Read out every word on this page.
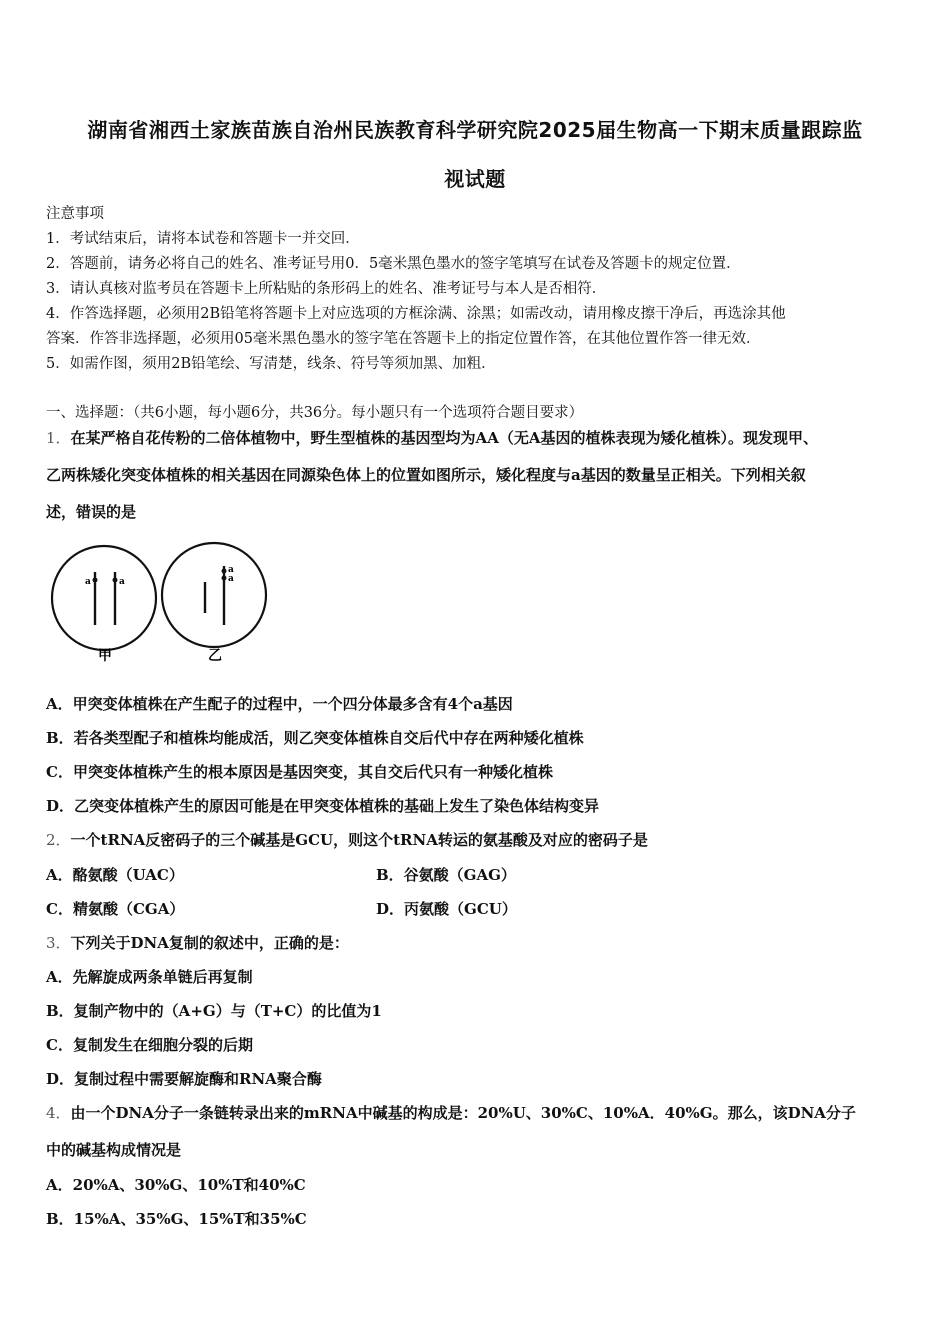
湖南省湘西土家族苗族自治州民族教育科学研究院2025届生物高一下期末质量跟踪监
视试题
注意事项
1．考试结束后，请将本试卷和答题卡一并交回．
2．答题前，请务必将自己的姓名、准考证号用0．5毫米黑色墨水的签字笔填写在试卷及答题卡的规定位置．
3．请认真核对监考员在答题卡上所粘贴的条形码上的姓名、准考证号与本人是否相符．
4．作答选择题，必须用2B铅笔将答题卡上对应选项的方框涂满、涂黑；如需改动，请用橡皮擦干净后，再选涂其他
答案．作答非选择题，必须用05毫米黑色墨水的签字笔在答题卡上的指定位置作答，在其他位置作答一律无效．
5．如需作图，须用2B铅笔绘、写清楚，线条、符号等须加黑、加粗．
一、选择题：（共6小题，每小题6分，共36分。每小题只有一个选项符合题目要求）
1．在某严格自花传粉的二倍体植物中，野生型植株的基因型均为AA（无A基因的植株表现为矮化植株）。现发现甲、
乙两株矮化突变体植株的相关基因在同源染色体上的位置如图所示，矮化程度与a基因的数量呈正相关。下列相关叙
述，错误的是
a	a
a
a
甲	乙
A．甲突变体植株在产生配子的过程中，一个四分体最多含有4个a基因
B．若各类型配子和植株均能成活，则乙突变体植株自交后代中存在两种矮化植株
C．甲突变体植株产生的根本原因是基因突变，其自交后代只有一种矮化植株
D．乙突变体植株产生的原因可能是在甲突变体植株的基础上发生了染色体结构变异
2．一个tRNA反密码子的三个碱基是GCU，则这个tRNA转运的氨基酸及对应的密码子是
A．酪氨酸（UAC）	B．谷氨酸（GAG）
C．精氨酸（CGA）	D．丙氨酸（GCU）
3．下列关于DNA复制的叙述中，正确的是：
A．先解旋成两条单链后再复制
B．复制产物中的（A+G）与（T+C）的比值为1
C．复制发生在细胞分裂的后期
D．复制过程中需要解旋酶和RNA聚合酶
4．由一个DNA分子一条链转录出来的mRNA中碱基的构成是：20%U、30%C、10%A．40%G。那么，该DNA分子
中的碱基构成情况是
A．20%A、30%G、10%T和40%C
B．15%A、35%G、15%T和35%C
